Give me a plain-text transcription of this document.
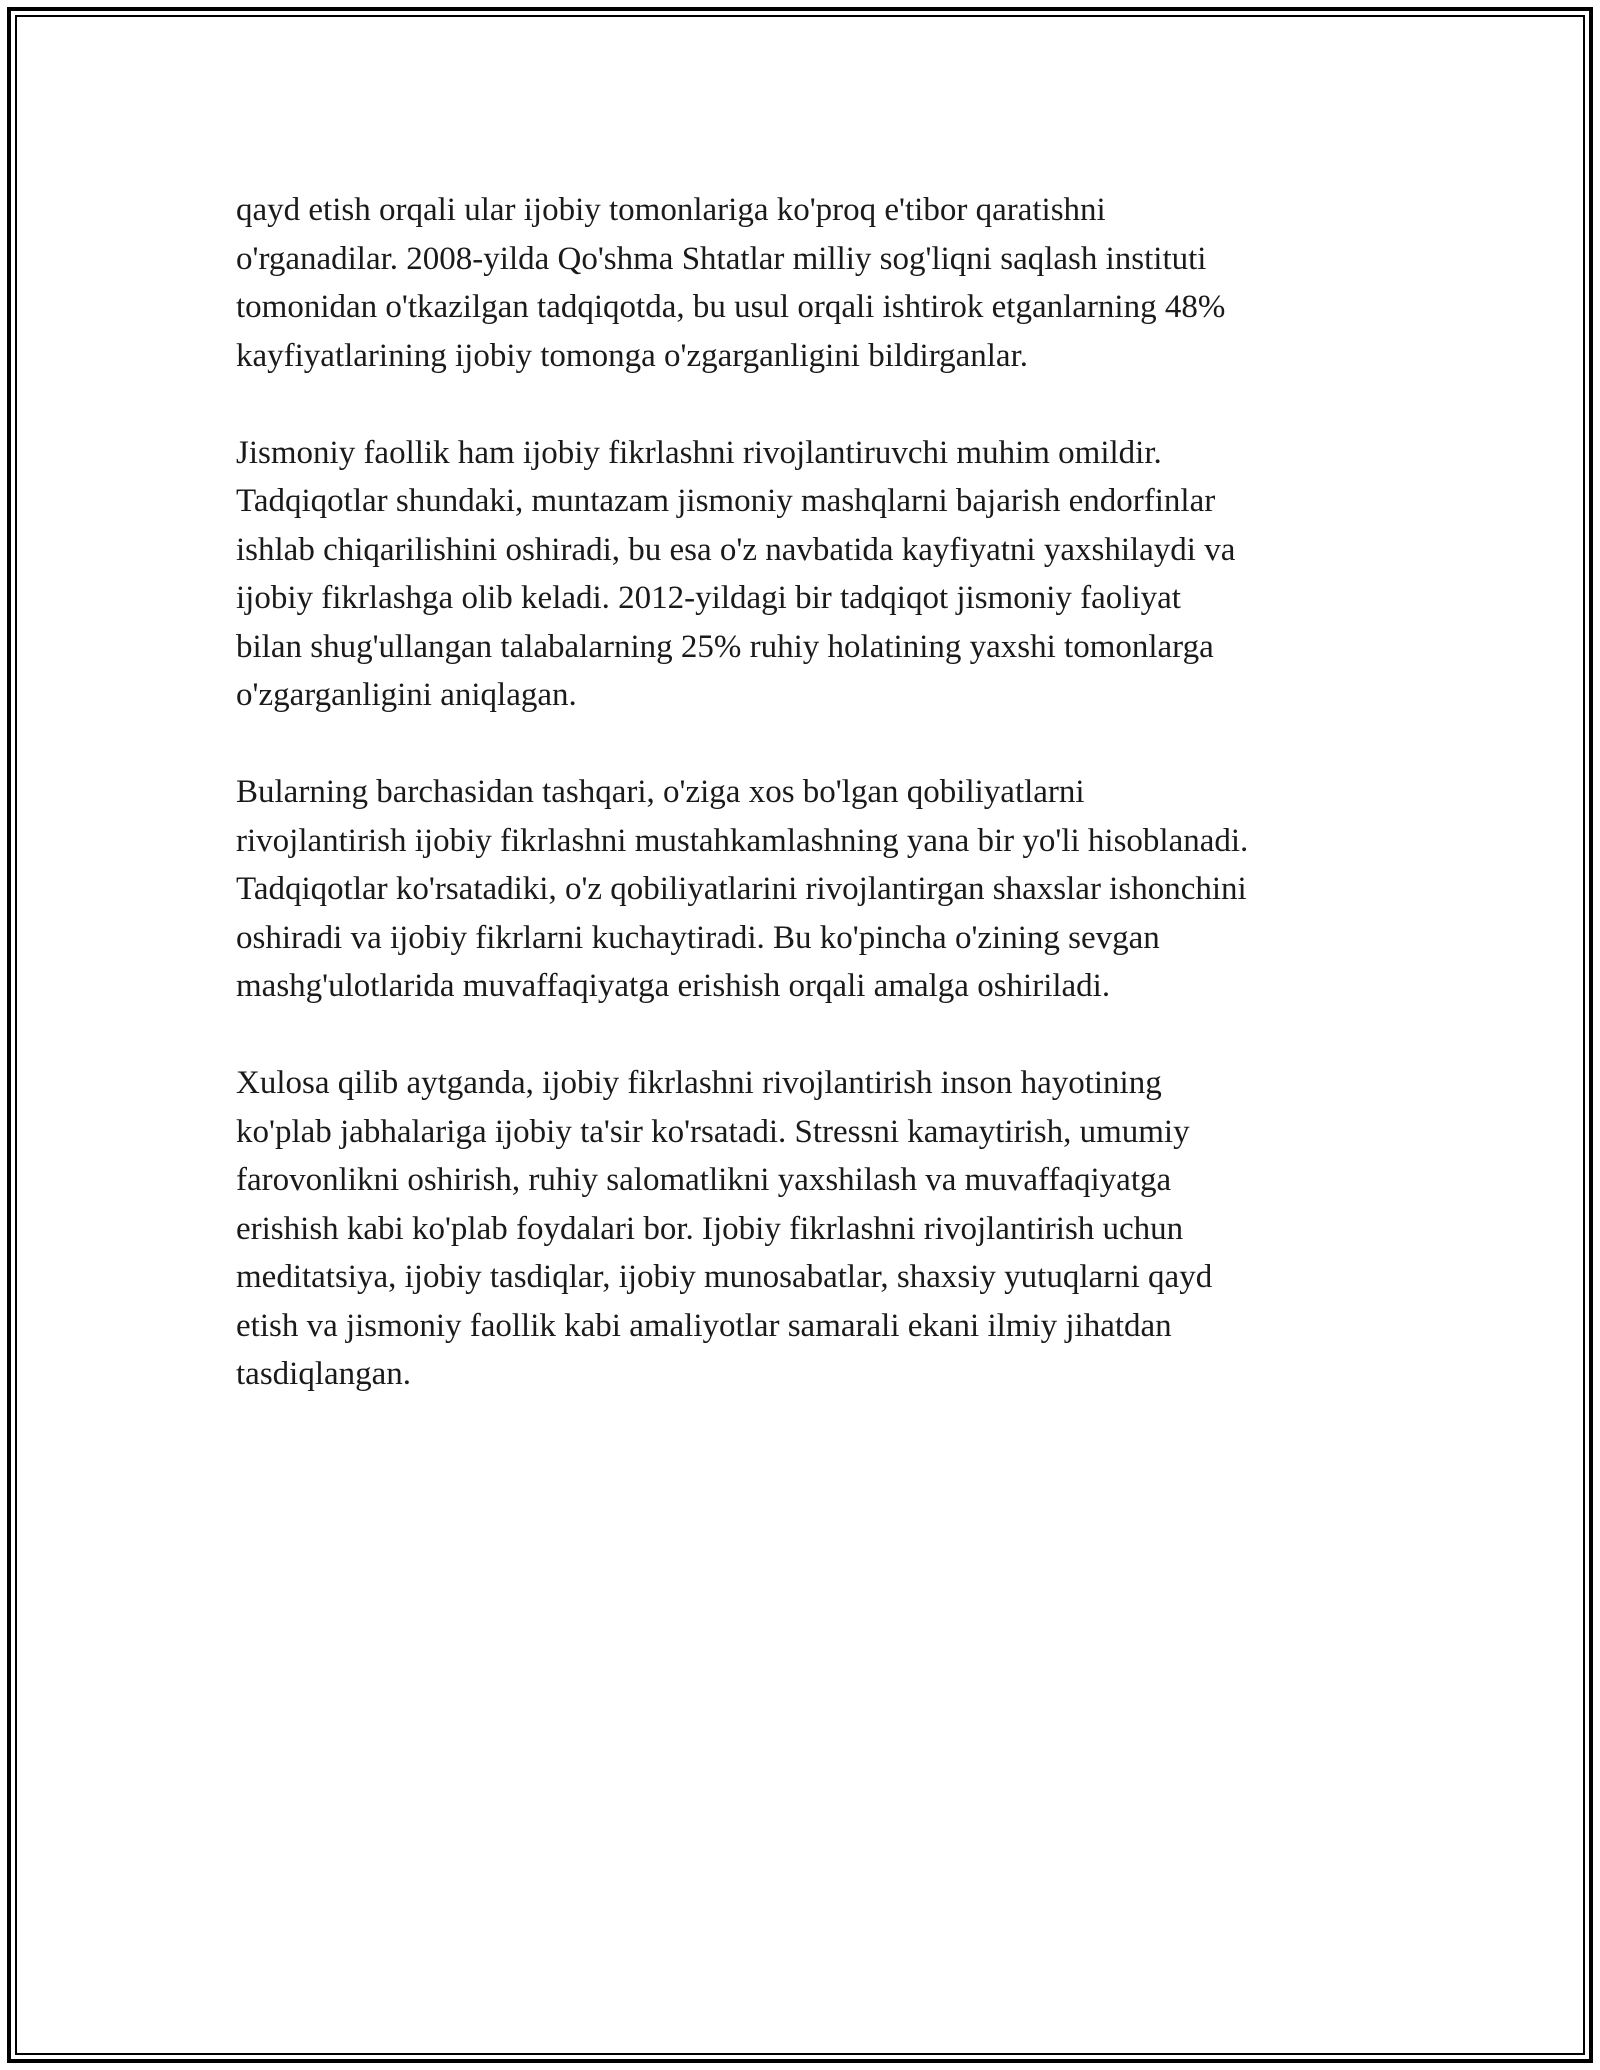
qayd etish orqali ular ijobiy tomonlariga ko'proq e'tibor qaratishni
o'rganadilar. 2008-yilda Qo'shma Shtatlar milliy sog'liqni saqlash instituti
tomonidan o'tkazilgan tadqiqotda, bu usul orqali ishtirok etganlarning 48%
kayfiyatlarining ijobiy tomonga o'zgarganligini bildirganlar.
Jismoniy faollik ham ijobiy fikrlashni rivojlantiruvchi muhim omildir.
Tadqiqotlar shundaki, muntazam jismoniy mashqlarni bajarish endorfinlar
ishlab chiqarilishini oshiradi, bu esa o'z navbatida kayfiyatni yaxshilaydi va
ijobiy fikrlashga olib keladi. 2012-yildagi bir tadqiqot jismoniy faoliyat
bilan shug'ullangan talabalarning 25% ruhiy holatining yaxshi tomonlarga
o'zgarganligini aniqlagan.
Bularning barchasidan tashqari, o'ziga xos bo'lgan qobiliyatlarni
rivojlantirish ijobiy fikrlashni mustahkamlashning yana bir yo'li hisoblanadi.
Tadqiqotlar ko'rsatadiki, o'z qobiliyatlarini rivojlantirgan shaxslar ishonchini
oshiradi va ijobiy fikrlarni kuchaytiradi. Bu ko'pincha o'zining sevgan
mashg'ulotlarida muvaffaqiyatga erishish orqali amalga oshiriladi.
Xulosa qilib aytganda, ijobiy fikrlashni rivojlantirish inson hayotining
ko'plab jabhalariga ijobiy ta'sir ko'rsatadi. Stressni kamaytirish, umumiy
farovonlikni oshirish, ruhiy salomatlikni yaxshilash va muvaffaqiyatga
erishish kabi ko'plab foydalari bor. Ijobiy fikrlashni rivojlantirish uchun
meditatsiya, ijobiy tasdiqlar, ijobiy munosabatlar, shaxsiy yutuqlarni qayd
etish va jismoniy faollik kabi amaliyotlar samarali ekani ilmiy jihatdan
tasdiqlangan.
